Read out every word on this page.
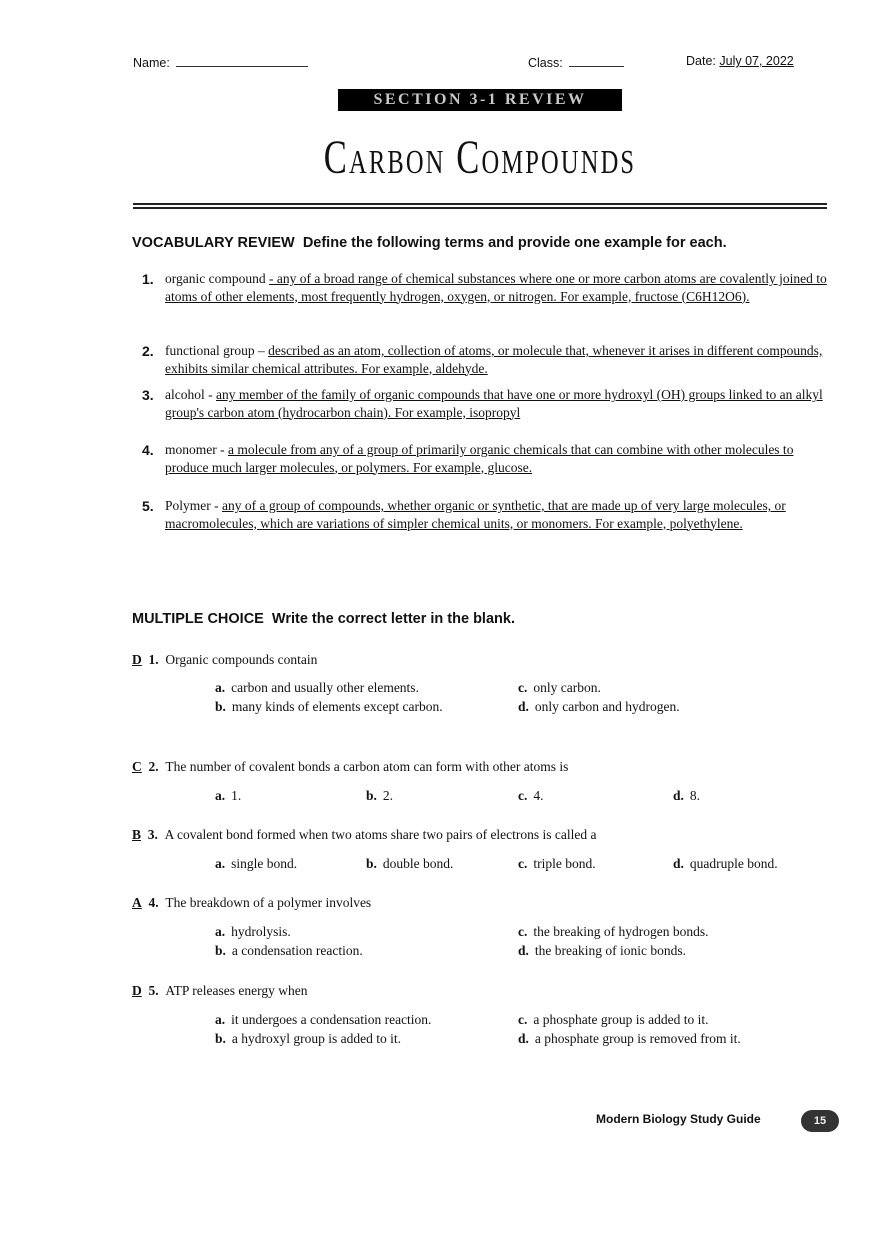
Name:	Class:	Date: July 07, 2022
SECTION 3-1 REVIEW
Carbon Compounds
VOCABULARY REVIEW Define the following terms and provide one example for each.
1. organic compound - any of a broad range of chemical substances where one or more carbon atoms are covalently joined to atoms of other elements, most frequently hydrogen, oxygen, or nitrogen. For example, fructose (C6H12O6).
2. functional group – described as an atom, collection of atoms, or molecule that, whenever it arises in different compounds, exhibits similar chemical attributes. For example, aldehyde.
3. alcohol - any member of the family of organic compounds that have one or more hydroxyl (OH) groups linked to an alkyl group's carbon atom (hydrocarbon chain). For example, isopropyl
4. monomer - a molecule from any of a group of primarily organic chemicals that can combine with other molecules to produce much larger molecules, or polymers. For example, glucose.
5. Polymer - any of a group of compounds, whether organic or synthetic, that are made up of very large molecules, or macromolecules, which are variations of simpler chemical units, or monomers. For example, polyethylene.
MULTIPLE CHOICE Write the correct letter in the blank.
D 1. Organic compounds contain
a. carbon and usually other elements.
b. many kinds of elements except carbon.
c. only carbon.
d. only carbon and hydrogen.
C 2. The number of covalent bonds a carbon atom can form with other atoms is
a. 1.	b. 2.	c. 4.	d. 8.
B 3. A covalent bond formed when two atoms share two pairs of electrons is called a
a. single bond.	b. double bond.	c. triple bond.	d. quadruple bond.
A 4. The breakdown of a polymer involves
a. hydrolysis.
b. a condensation reaction.
c. the breaking of hydrogen bonds.
d. the breaking of ionic bonds.
D 5. ATP releases energy when
a. it undergoes a condensation reaction.
b. a hydroxyl group is added to it.
c. a phosphate group is added to it.
d. a phosphate group is removed from it.
Modern Biology Study Guide	15
